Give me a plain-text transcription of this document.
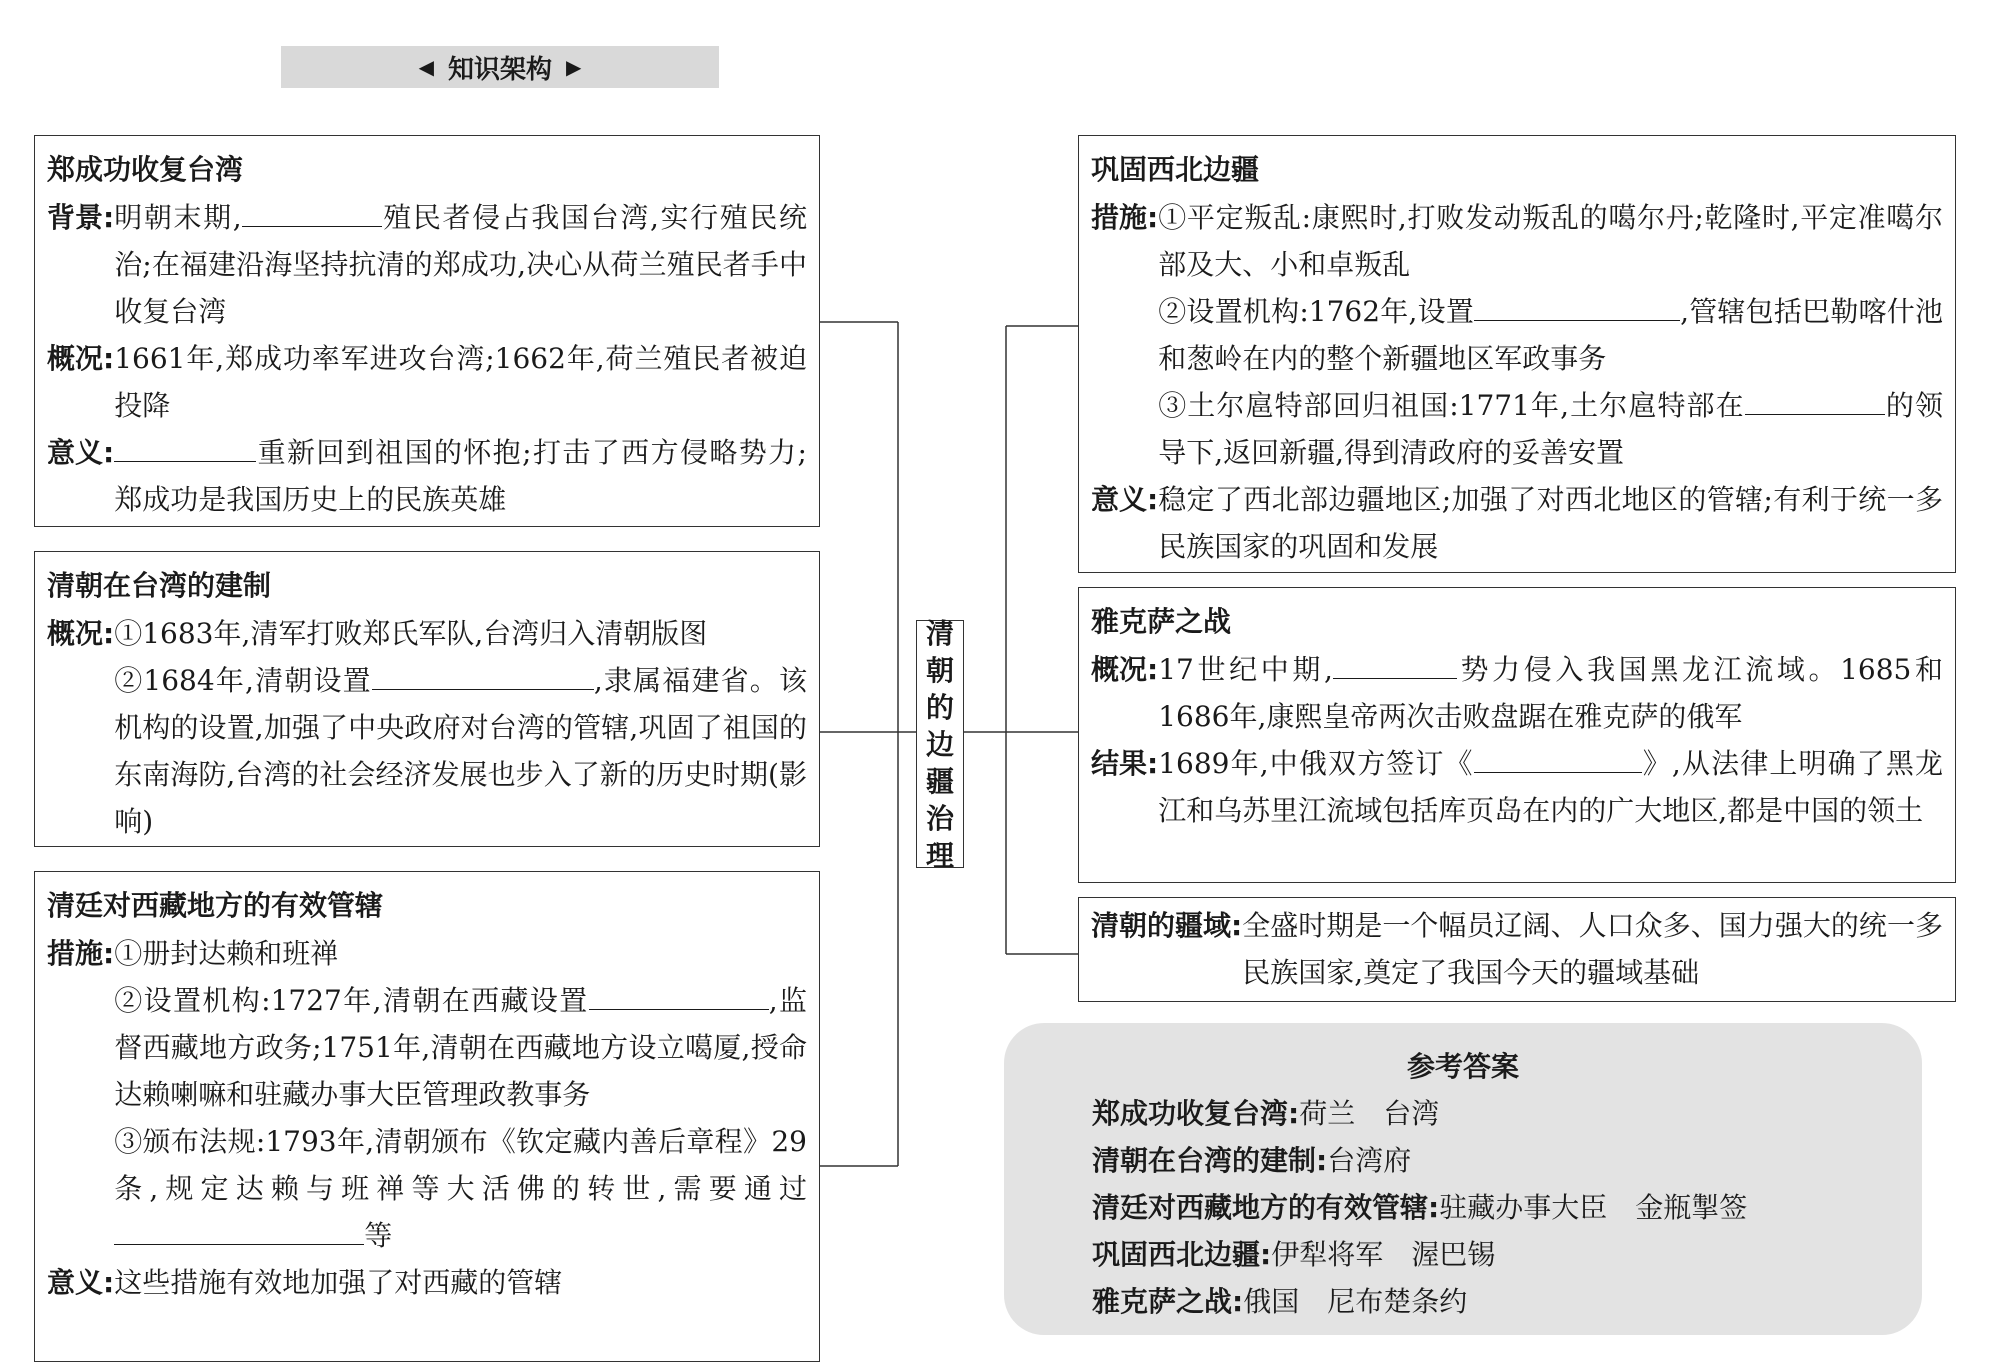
◀ 知识架构 ▶
清
朝
的
边
疆
治
理
郑成功收复台湾
背景: 明朝末期,	殖民者侵占我国台湾,实行殖民统治;在福建沿海坚持抗清的郑成功,决心从荷兰殖民者手中收复台湾
概况: 1661年,郑成功率军进攻台湾;1662年,荷兰殖民者被迫投降
意义:	重新回到祖国的怀抱;打击了西方侵略势力;郑成功是我国历史上的民族英雄
清朝在台湾的建制
概况: ①1683年,清军打败郑氏军队,台湾归入清朝版图
②1684年,清朝设置	,隶属福建省。该机构的设置,加强了中央政府对台湾的管辖,巩固了祖国的东南海防,台湾的社会经济发展也步入了新的历史时期(影响)
清廷对西藏地方的有效管辖
措施: ①册封达赖和班禅
②设置机构:1727年,清朝在西藏设置	,监督西藏地方政务;1751年,清朝在西藏地方设立噶厦,授命达赖喇嘛和驻藏办事大臣管理政教事务
③颁布法规:1793年,清朝颁布《钦定藏内善后章程》29条,规定达赖与班禅等大活佛的转世,需要通过等
意义: 这些措施有效地加强了对西藏的管辖
巩固西北边疆
措施: ①平定叛乱:康熙时,打败发动叛乱的噶尔丹;乾隆时,平定准噶尔部及大、小和卓叛乱
②设置机构:1762年,设置	,管辖包括巴勒喀什池和葱岭在内的整个新疆地区军政事务
③土尔扈特部回归祖国:1771年,土尔扈特部在	的领导下,返回新疆,得到清政府的妥善安置
意义: 稳定了西北部边疆地区;加强了对西北地区的管辖;有利于统一多民族国家的巩固和发展
雅克萨之战
概况: 17世纪中期,	势力侵入我国黑龙江流域。1685和1686年,康熙皇帝两次击败盘踞在雅克萨的俄军
结果: 1689年,中俄双方签订《	》,从法律上明确了黑龙江和乌苏里江流域包括库页岛在内的广大地区,都是中国的领土
清朝的疆域: 全盛时期是一个幅员辽阔、人口众多、国力强大的统一多民族国家,奠定了我国今天的疆域基础
参考答案
郑成功收复台湾:荷兰　台湾
清朝在台湾的建制:台湾府
清廷对西藏地方的有效管辖:驻藏办事大臣　金瓶掣签
巩固西北边疆:伊犁将军　渥巴锡
雅克萨之战:俄国　尼布楚条约
